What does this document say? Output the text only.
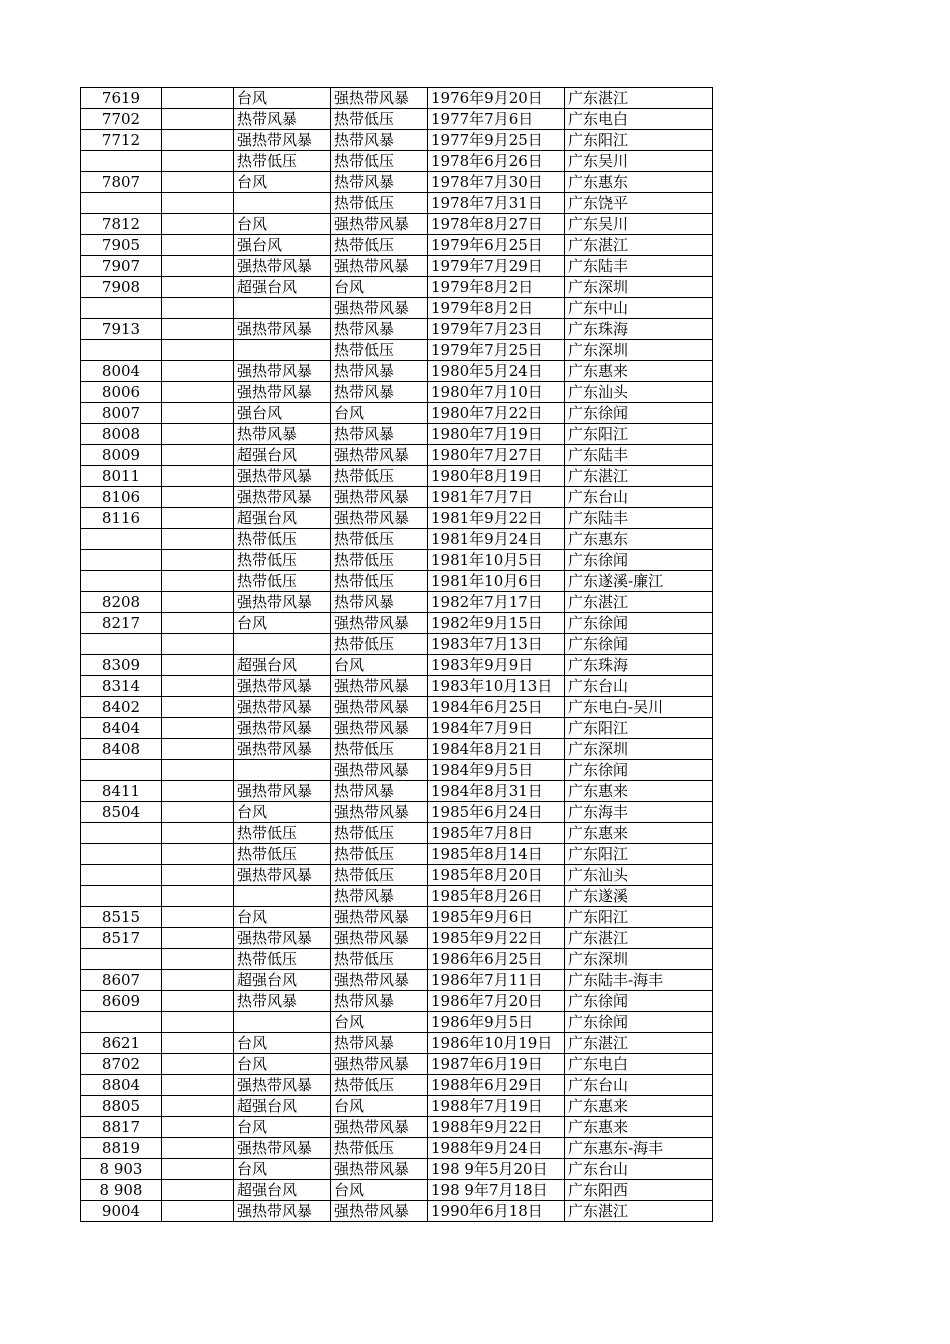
7619		台风	强热带风暴	1976年9月20日	广东湛江
7702		热带风暴	热带低压	1977年7月6日	广东电白
7712		强热带风暴	热带风暴	1977年9月25日	广东阳江
		热带低压	热带低压	1978年6月26日	广东吴川
7807		台风	热带风暴	1978年7月30日	广东惠东
			热带低压	1978年7月31日	广东饶平
7812		台风	强热带风暴	1978年8月27日	广东吴川
7905		强台风	热带低压	1979年6月25日	广东湛江
7907		强热带风暴	强热带风暴	1979年7月29日	广东陆丰
7908		超强台风	台风	1979年8月2日	广东深圳
			强热带风暴	1979年8月2日	广东中山
7913		强热带风暴	热带风暴	1979年7月23日	广东珠海
			热带低压	1979年7月25日	广东深圳
8004		强热带风暴	热带风暴	1980年5月24日	广东惠来
8006		强热带风暴	热带风暴	1980年7月10日	广东汕头
8007		强台风	台风	1980年7月22日	广东徐闻
8008		热带风暴	热带风暴	1980年7月19日	广东阳江
8009		超强台风	强热带风暴	1980年7月27日	广东陆丰
8011		强热带风暴	热带低压	1980年8月19日	广东湛江
8106		强热带风暴	强热带风暴	1981年7月7日	广东台山
8116		超强台风	强热带风暴	1981年9月22日	广东陆丰
		热带低压	热带低压	1981年9月24日	广东惠东
		热带低压	热带低压	1981年10月5日	广东徐闻
		热带低压	热带低压	1981年10月6日	广东遂溪-廉江
8208		强热带风暴	热带风暴	1982年7月17日	广东湛江
8217		台风	强热带风暴	1982年9月15日	广东徐闻
			热带低压	1983年7月13日	广东徐闻
8309		超强台风	台风	1983年9月9日	广东珠海
8314		强热带风暴	强热带风暴	1983年10月13日	广东台山
8402		强热带风暴	强热带风暴	1984年6月25日	广东电白-吴川
8404		强热带风暴	强热带风暴	1984年7月9日	广东阳江
8408		强热带风暴	热带低压	1984年8月21日	广东深圳
			强热带风暴	1984年9月5日	广东徐闻
8411		强热带风暴	热带风暴	1984年8月31日	广东惠来
8504		台风	强热带风暴	1985年6月24日	广东海丰
		热带低压	热带低压	1985年7月8日	广东惠来
		热带低压	热带低压	1985年8月14日	广东阳江
		强热带风暴	热带低压	1985年8月20日	广东汕头
			热带风暴	1985年8月26日	广东遂溪
8515		台风	强热带风暴	1985年9月6日	广东阳江
8517		强热带风暴	强热带风暴	1985年9月22日	广东湛江
		热带低压	热带低压	1986年6月25日	广东深圳
8607		超强台风	强热带风暴	1986年7月11日	广东陆丰-海丰
8609		热带风暴	热带风暴	1986年7月20日	广东徐闻
			台风	1986年9月5日	广东徐闻
8621		台风	热带风暴	1986年10月19日	广东湛江
8702		台风	强热带风暴	1987年6月19日	广东电白
8804		强热带风暴	热带低压	1988年6月29日	广东台山
8805		超强台风	台风	1988年7月19日	广东惠来
8817		台风	强热带风暴	1988年9月22日	广东惠来
8819		强热带风暴	热带低压	1988年9月24日	广东惠东-海丰
8 903		台风	强热带风暴	198 9年5月20日	广东台山
8 908		超强台风	台风	198 9年7月18日	广东阳西
9004		强热带风暴	强热带风暴	1990年6月18日	广东湛江
